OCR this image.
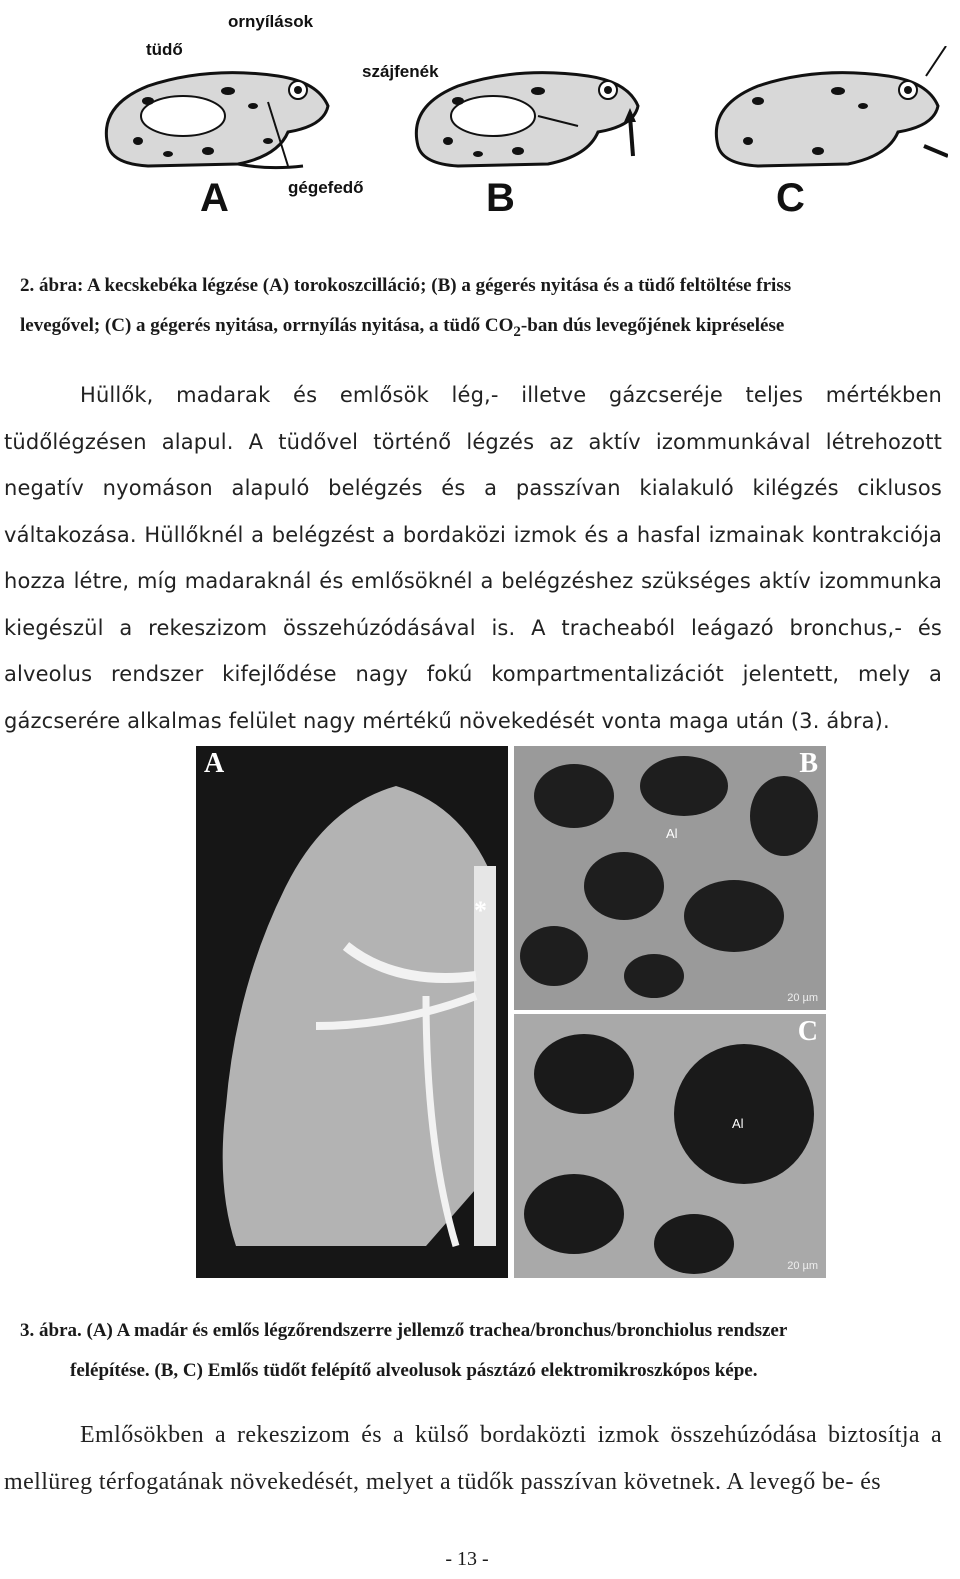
ornyílások
tüdő
szájfenék
gégefedő
A	B	C
2. ábra: A kecskebéka légzése (A) torokoszcilláció; (B) a gégerés nyitása és a tüdő feltöltése friss
levegővel; (C) a gégerés nyitása, orrnyílás nyitása, a tüdő $CO_2$-ban dús levegőjének kipréselése
Hüllők, madarak és emlősök lég,- illetve gázcseréje teljes mértékben tüdőlégzésen alapul. A tüdővel történő légzés az aktív izommunkával létrehozott negatív nyomáson alapuló belégzés és a passzívan kialakuló kilégzés ciklusos váltakozása. Hüllőknél a belégzést a bordaközi izmok és a hasfal izmainak kontrakciója hozza létre, míg madaraknál és emlősöknél a belégzéshez szükséges aktív izommunka kiegészül a rekeszizom összehúzódásával is. A tracheaból leágazó bronchus,- és alveolus rendszer kifejlődése nagy fokú kompartmentalizációt jelentett, mely a gázcserére alkalmas felület nagy mértékű növekedését vonta maga után (3. ábra).
A
*
B
Al
20 µm
C
Al
20 µm
3. ábra. (A) A madár és emlős légzőrendszerre jellemző trachea/bronchus/bronchiolus rendszer
felépítése. (B, C) Emlős tüdőt felépítő alveolusok pásztázó elektromikroszkópos képe.
Emlősökben a rekeszizom és a külső bordaközti izmok összehúzódása biztosítja a mellüreg térfogatának növekedését, melyet a tüdők passzívan követnek. A levegő be- és
- 13 -
